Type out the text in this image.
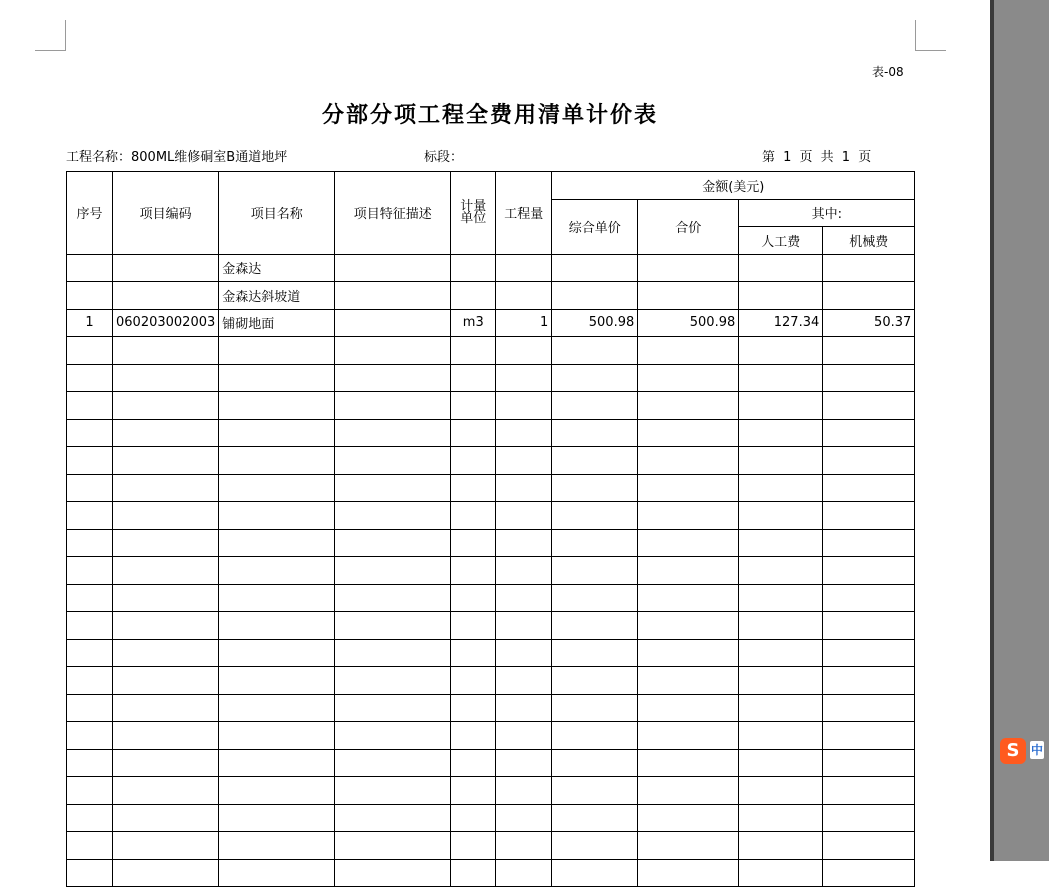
表-08
分部分项工程全费用清单计价表
工程名称：800ML维修硐室B通道地坪	标段：	第 1 页 共 1 页
序号	项目编码	项目名称	项目特征描述	计量
单位	工程量	金额(美元)			
						综合单价	合价	其中:	
								人工费	机械费
		金森达							
		金森达斜坡道							
1	060203002003	铺砌地面		m3	1	500.98	500.98	127.34	50.37

S 中
